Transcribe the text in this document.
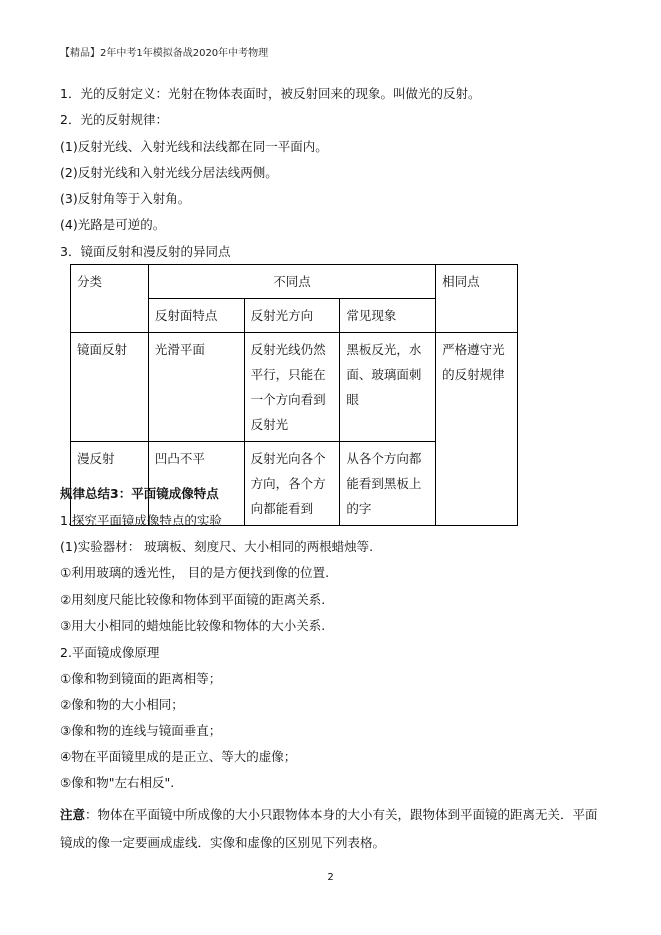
【精品】2年中考1年模拟备战2020年中考物理
1．光的反射定义：光射在物体表面时，被反射回来的现象。叫做光的反射。
2．光的反射规律：
(1)反射光线、入射光线和法线都在同一平面内。
(2)反射光线和入射光线分居法线两侧。
(3)反射角等于入射角。
(4)光路是可逆的。
3．镜面反射和漫反射的异同点
分类	不同点			相同点
	反射面特点	反射光方向	常见现象	
镜面反射	光滑平面	反射光线仍然平行，只能在一个方向看到反射光	黑板反光，水面、玻璃面刺眼	严格遵守光的反射规律
漫反射	凹凸不平	反射光向各个方向，各个方向都能看到	从各个方向都能看到黑板上的字	
规律总结3：平面镜成像特点
1.探究平面镜成像特点的实验
(1)实验器材： 玻璃板、刻度尺、大小相同的两根蜡烛等.
①利用玻璃的透光性， 目的是方便找到像的位置.
②用刻度尺能比较像和物体到平面镜的距离关系.
③用大小相同的蜡烛能比较像和物体的大小关系.
2.平面镜成像原理
①像和物到镜面的距离相等；
②像和物的大小相同；
③像和物的连线与镜面垂直；
④物在平面镜里成的是正立、等大的虚像；
⑤像和物"左右相反".
注意：物体在平面镜中所成像的大小只跟物体本身的大小有关，跟物体到平面镜的距离无关．平面镜成的像一定要画成虚线．实像和虚像的区别见下列表格。
2
